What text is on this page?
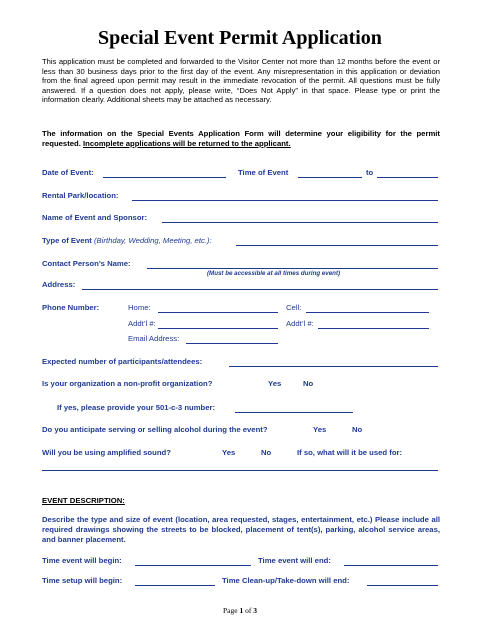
Special Event Permit Application
This application must be completed and forwarded to the Visitor Center not more than 12 months before the event or less than 30 business days prior to the first day of the event. Any misrepresentation in this application or deviation from the final agreed upon permit may result in the immediate revocation of the permit. All questions must be fully answered. If a question does not apply, please write, “Does Not Apply” in that space. Please type or print the information clearly. Additional sheets may be attached as necessary.
The information on the Special Events Application Form will determine your eligibility for the permit requested. Incomplete applications will be returned to the applicant.
Date of Event:	Time of Event	to
Rental Park/location:
Name of Event and Sponsor:
Type of Event (Birthday, Wedding, Meeting, etc.):
Contact Person’s Name:
(Must be accessible at all times during event)
Address:
Phone Number:	Home:	Cell:
Addt’l #:	Addt’l #:
Email Address:
Expected number of participants/attendees:
Is your organization a non-profit organization?	Yes	No
If yes, please provide your 501-c-3 number:
Do you anticipate serving or selling alcohol during the event?	Yes	No
Will you be using amplified sound?	Yes	No	If so, what will it be used for:
EVENT DESCRIPTION:
Describe the type and size of event (location, area requested, stages, entertainment, etc.) Please include all required drawings showing the streets to be blocked, placement of tent(s), parking, alcohol service areas, and banner placement.
Time event will begin:	Time event will end:
Time setup will begin:	Time Clean-up/Take-down will end:
Page 1 of 3
